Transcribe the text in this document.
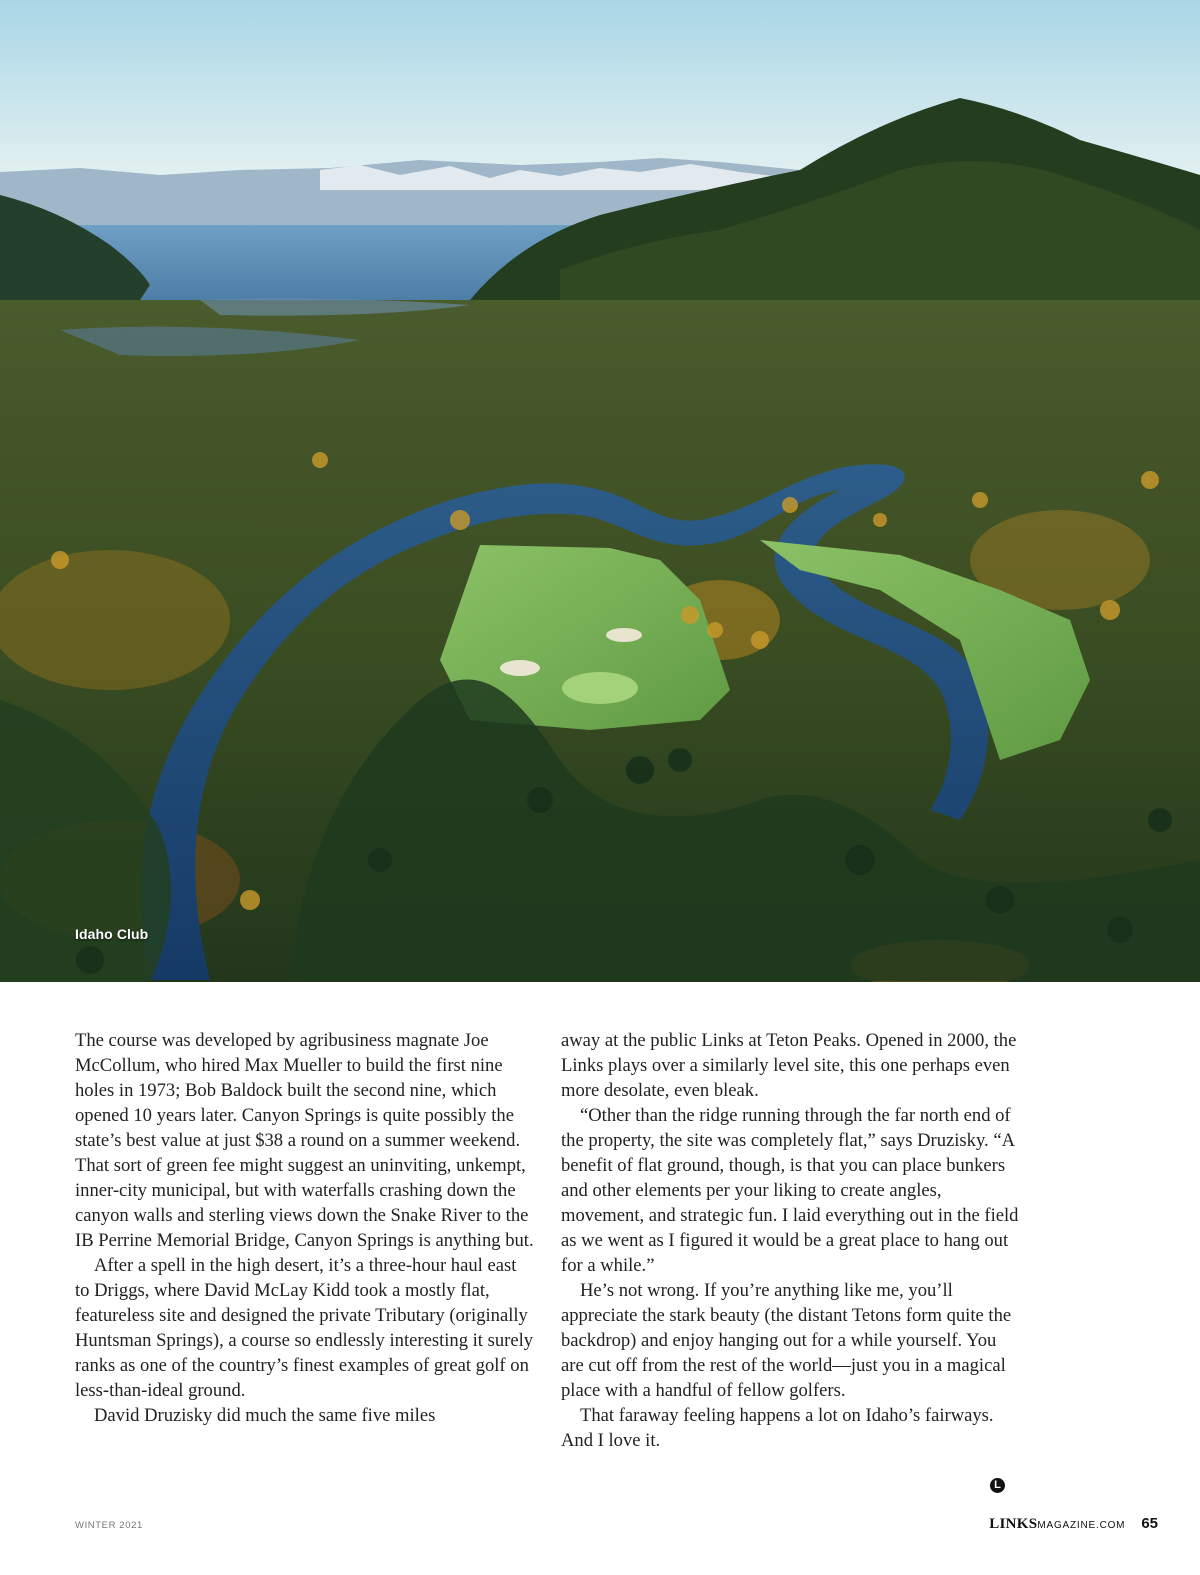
Idaho Club

The course was developed by agribusiness magnate Joe McCollum, who hired Max Mueller to build the first nine holes in 1973; Bob Baldock built the second nine, which opened 10 years later. Canyon Springs is quite possibly the state’s best value at just $38 a round on a summer weekend. That sort of green fee might suggest an uninviting, unkempt, inner-city municipal, but with waterfalls crashing down the canyon walls and sterling views down the Snake River to the IB Perrine Memorial Bridge, Canyon Springs is anything but.

After a spell in the high desert, it’s a three-hour haul east to Driggs, where David McLay Kidd took a mostly flat, featureless site and designed the private Tributary (originally Huntsman Springs), a course so endlessly interesting it surely ranks as one of the country’s finest examples of great golf on less-than-ideal ground.

David Druzisky did much the same five miles

away at the public Links at Teton Peaks. Opened in 2000, the Links plays over a similarly level site, this one perhaps even more desolate, even bleak.

“Other than the ridge running through the far north end of the property, the site was completely flat,” says Druzisky. “A benefit of flat ground, though, is that you can place bunkers and other elements per your liking to create angles, movement, and strategic fun. I laid everything out in the field as we went as I figured it would be a great place to hang out for a while.”

He’s not wrong. If you’re anything like me, you’ll appreciate the stark beauty (the distant Tetons form quite the backdrop) and enjoy hanging out for a while yourself. You are cut off from the rest of the world—just you in a magical place with a handful of fellow golfers.

That faraway feeling happens a lot on Idaho’s fairways. And I love it.

L
WINTER 2021	LINKSMAGAZINE.COM 65
